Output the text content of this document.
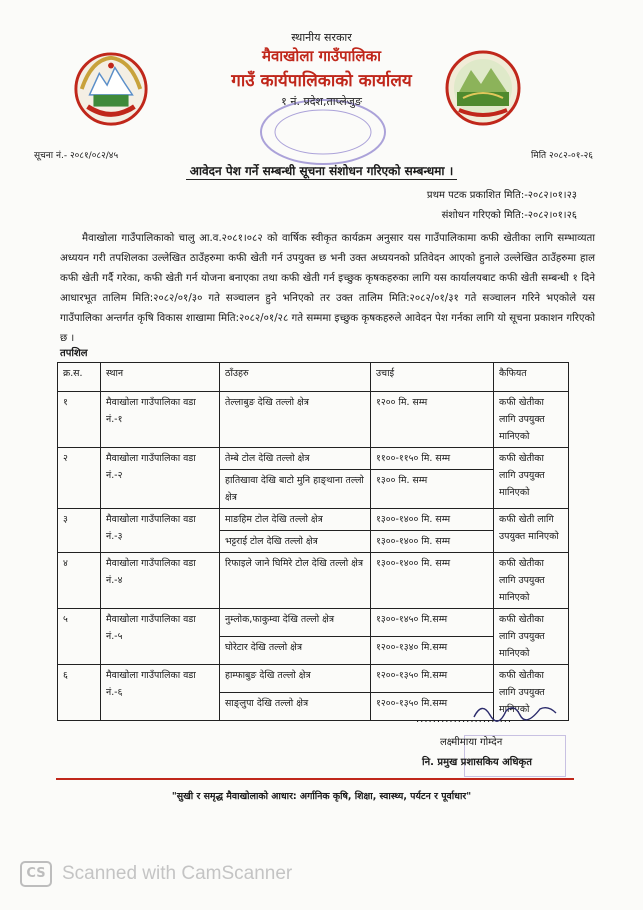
स्थानीय सरकार
मैवाखोला गाउँपालिका
गाउँ कार्यपालिकाको कार्यालय
१ नं. प्रदेश,ताप्लेजुङ
सूचना नं.- २०८१/०८२/४५	मिति २०८२-०१-२६
आवेदन पेश गर्ने सम्बन्धी सूचना संशोधन गरिएको सम्बन्धमा ।
प्रथम पटक प्रकाशित मिति:-२०८२।०१।२३
संशोधन गरिएको मिति:-२०८२।०१।२६
मैवाखोला गाउँपालिकाको चालु आ.व.२०८१।०८२ को वार्षिक स्वीकृत कार्यक्रम अनुसार यस गाउँपालिकामा कफी खेतीका लागि सम्भाव्यता अध्ययन गरी तपशिलका उल्लेखित ठाउँहरुमा कफी खेती गर्न उपयुक्त छ भनी उक्त अध्ययनको प्रतिवेदन आएको हुनाले उल्लेखित ठाउँहरुमा हाल कफी खेती गर्दै गरेका, कफी खेती गर्न योजना बनाएका तथा कफी खेती गर्न इच्छुक कृषकहरुका लागि यस कार्यालयबाट कफी खेती सम्बन्धी १ दिने आधारभूत तालिम मिति:२०८२/०१/३० गते सञ्चालन हुने भनिएको तर उक्त तालिम मिति:२०८२/०१/३१ गते सञ्चालन गरिने भएकोले यस गाउँपालिका अन्तर्गत कृषि विकास शाखामा मिति:२०८२/०१/२८ गते सम्ममा इच्छुक कृषकहरुले आवेदन पेश गर्नका लागि यो सूचना प्रकाशन गरिएको छ ।
तपशिल
क्र.स.	स्थान	ठाँउहरु	उचाई	कैफियत
१	मैवाखोला गाउँपालिका वडा नं.-१	तेल्लाबुङ देखि तल्लो क्षेत्र	१२०० मि. सम्म	कफी खेतीका लागि उपयुक्त मानिएको
२	मैवाखोला गाउँपालिका वडा नं.-२	तेम्बे टोल देखि तल्लो क्षेत्र	११००-११५० मि. सम्म	कफी खेतीका लागि उपयुक्त मानिएको
		हातिखावा देखि बाटो मुनि हाङ्थाना तल्लो क्षेत्र	१३०० मि. सम्म	
३	मैवाखोला गाउँपालिका वडा नं.-३	माङहिम टोल देखि तल्लो क्षेत्र	१३००-१४०० मि. सम्म	कफी खेती लागि उपयुक्त मानिएको
		भट्टराई टोल देखि तल्लो क्षेत्र	१३००-१४०० मि. सम्म	
४	मैवाखोला गाउँपालिका वडा नं.-४	रिफाइले जाने घिमिरे टोल देखि तल्लो क्षेत्र	१३००-१४०० मि. सम्म	कफी खेतीका लागि उपयुक्त मानिएको
५	मैवाखोला गाउँपालिका वडा नं.-५	नुम्लोक,फाकुम्वा देखि तल्लो क्षेत्र	१३००-१४५० मि.सम्म	कफी खेतीका लागि उपयुक्त मानिएको
		घोरेटार देखि तल्लो क्षेत्र	१२००-१३४० मि.सम्म	
६	मैवाखोला गाउँपालिका वडा नं.-६	हाम्फाबुङ देखि तल्लो क्षेत्र	१२००-१३५० मि.सम्म	कफी खेतीका लागि उपयुक्त मानिएको
		साङ्लुपा देखि तल्लो क्षेत्र	१२००-१३५० मि.सम्म	
.......................
लक्ष्मीमाया गोम्देन
नि. प्रमुख प्रशासकिय अधिकृत
"सुखी र समृद्ध मैवाखोलाको आधार: अर्गानिक कृषि, शिक्षा, स्वास्थ्य, पर्यटन र पूर्वाधार"
CS Scanned with CamScanner
